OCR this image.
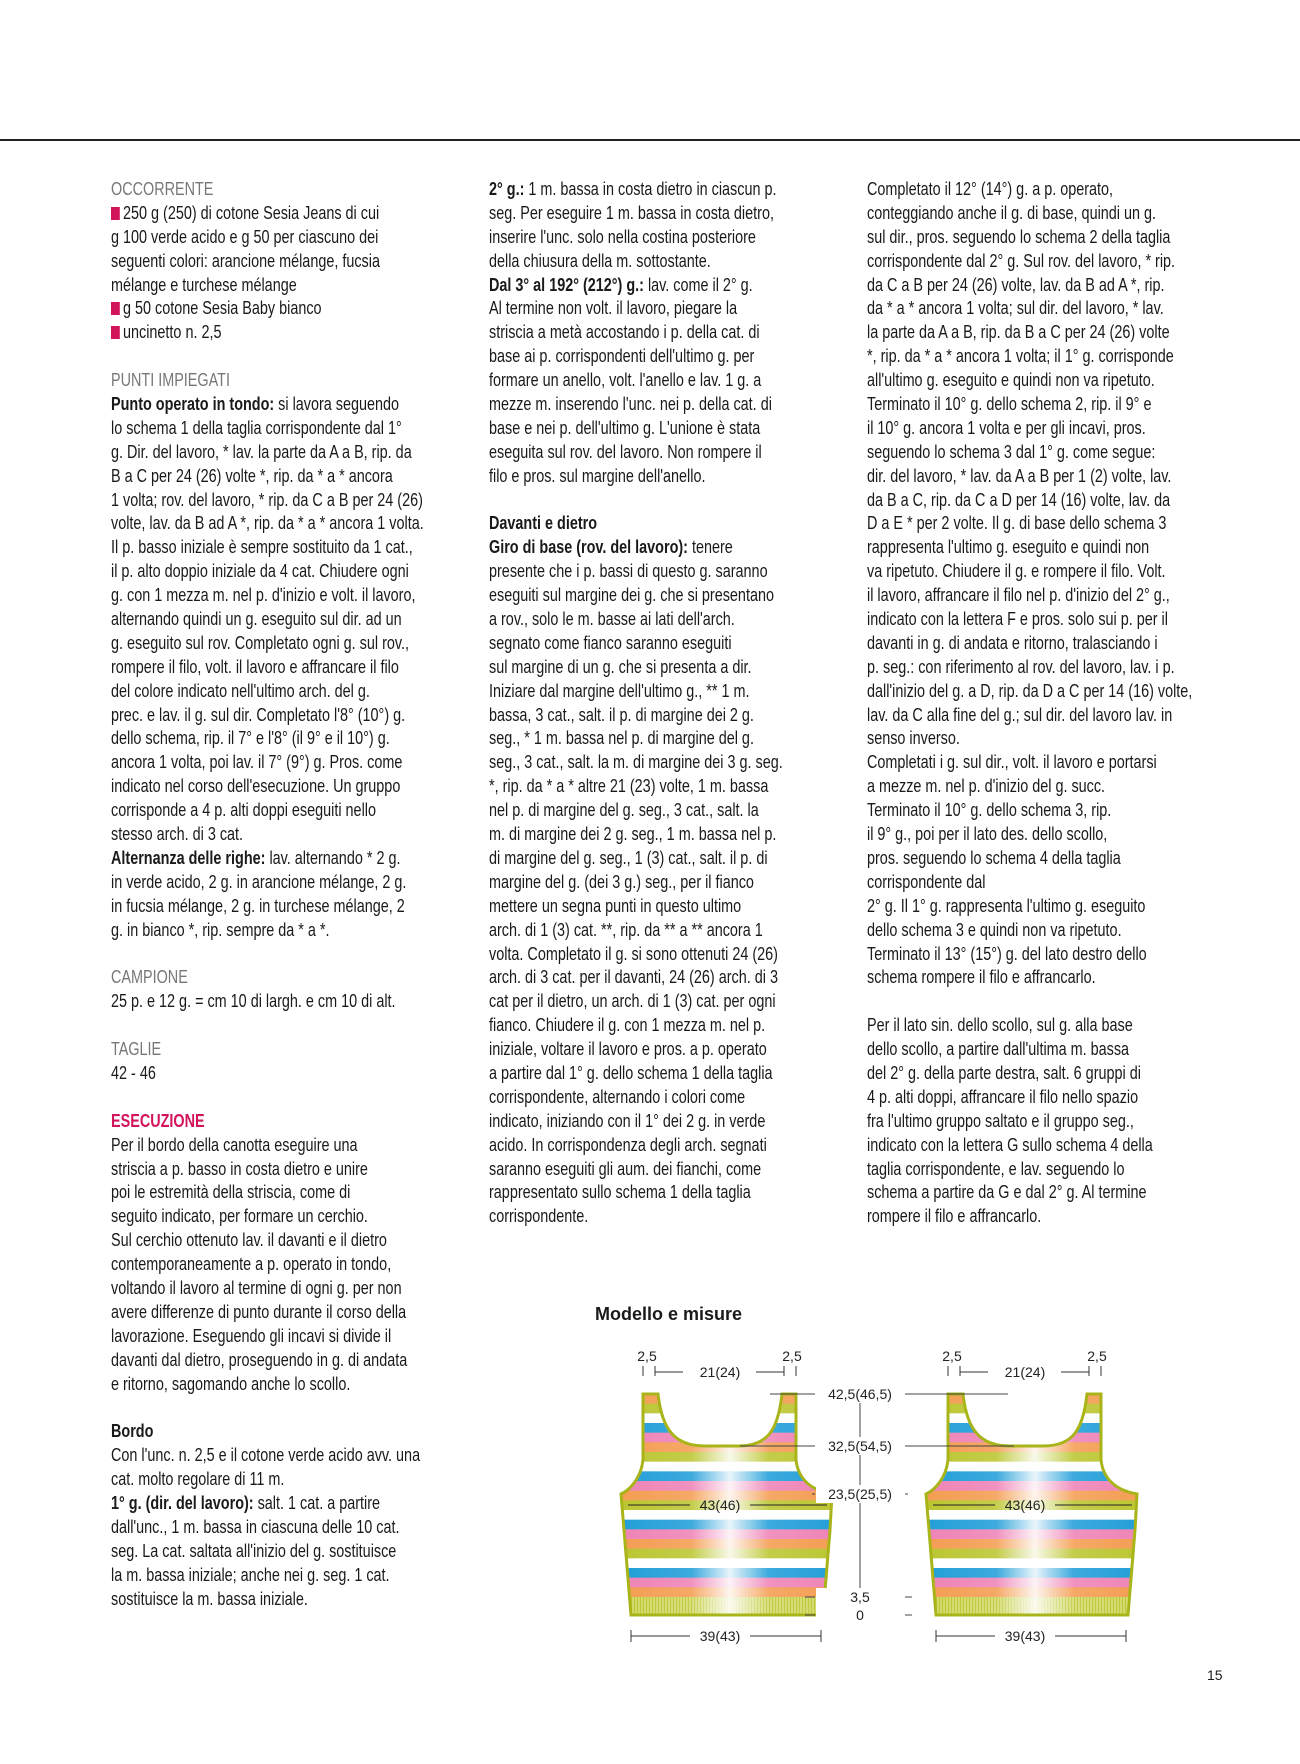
OCCORRENTE
250 g (250) di cotone Sesia Jeans di cui
g 100 verde acido e g 50 per ciascuno dei
seguenti colori: arancione mélange, fucsia
mélange e turchese mélange
g 50 cotone Sesia Baby bianco
uncinetto n. 2,5
PUNTI IMPIEGATI
Punto operato in tondo: si lavora seguendo
lo schema 1 della taglia corrispondente dal 1°
g. Dir. del lavoro, * lav. la parte da A a B, rip. da
B a C per 24 (26) volte *, rip. da * a * ancora
1 volta; rov. del lavoro, * rip. da C a B per 24 (26)
volte, lav. da B ad A *, rip. da * a * ancora 1 volta.
Il p. basso iniziale è sempre sostituito da 1 cat.,
il p. alto doppio iniziale da 4 cat. Chiudere ogni
g. con 1 mezza m. nel p. d'inizio e volt. il lavoro,
alternando quindi un g. eseguito sul dir. ad un
g. eseguito sul rov. Completato ogni g. sul rov.,
rompere il filo, volt. il lavoro e affrancare il filo
del colore indicato nell'ultimo arch. del g.
prec. e lav. il g. sul dir. Completato l'8° (10°) g.
dello schema, rip. il 7° e l'8° (il 9° e il 10°) g.
ancora 1 volta, poi lav. il 7° (9°) g. Pros. come
indicato nel corso dell'esecuzione. Un gruppo
corrisponde a 4 p. alti doppi eseguiti nello
stesso arch. di 3 cat.
Alternanza delle righe: lav. alternando * 2 g.
in verde acido, 2 g. in arancione mélange, 2 g.
in fucsia mélange, 2 g. in turchese mélange, 2
g. in bianco *, rip. sempre da * a *.
CAMPIONE
25 p. e 12 g. = cm 10 di largh. e cm 10 di alt.
TAGLIE
42 - 46
ESECUZIONE
Per il bordo della canotta eseguire una
striscia a p. basso in costa dietro e unire
poi le estremità della striscia, come di
seguito indicato, per formare un cerchio.
Sul cerchio ottenuto lav. il davanti e il dietro
contemporaneamente a p. operato in tondo,
voltando il lavoro al termine di ogni g. per non
avere differenze di punto durante il corso della
lavorazione. Eseguendo gli incavi si divide il
davanti dal dietro, proseguendo in g. di andata
e ritorno, sagomando anche lo scollo.
Bordo
Con l'unc. n. 2,5 e il cotone verde acido avv. una
cat. molto regolare di 11 m.
1° g. (dir. del lavoro): salt. 1 cat. a partire
dall'unc., 1 m. bassa in ciascuna delle 10 cat.
seg. La cat. saltata all'inizio del g. sostituisce
la m. bassa iniziale; anche nei g. seg. 1 cat.
sostituisce la m. bassa iniziale.
2° g.: 1 m. bassa in costa dietro in ciascun p.
seg. Per eseguire 1 m. bassa in costa dietro,
inserire l'unc. solo nella costina posteriore
della chiusura della m. sottostante.
Dal 3° al 192° (212°) g.: lav. come il 2° g.
Al termine non volt. il lavoro, piegare la
striscia a metà accostando i p. della cat. di
base ai p. corrispondenti dell'ultimo g. per
formare un anello, volt. l'anello e lav. 1 g. a
mezze m. inserendo l'unc. nei p. della cat. di
base e nei p. dell'ultimo g. L'unione è stata
eseguita sul rov. del lavoro. Non rompere il
filo e pros. sul margine dell'anello.
Davanti e dietro
Giro di base (rov. del lavoro): tenere
presente che i p. bassi di questo g. saranno
eseguiti sul margine dei g. che si presentano
a rov., solo le m. basse ai lati dell'arch.
segnato come fianco saranno eseguiti
sul margine di un g. che si presenta a dir.
Iniziare dal margine dell'ultimo g., ** 1 m.
bassa, 3 cat., salt. il p. di margine dei 2 g.
seg., * 1 m. bassa nel p. di margine del g.
seg., 3 cat., salt. la m. di margine dei 3 g. seg.
*, rip. da * a * altre 21 (23) volte, 1 m. bassa
nel p. di margine del g. seg., 3 cat., salt. la
m. di margine dei 2 g. seg., 1 m. bassa nel p.
di margine del g. seg., 1 (3) cat., salt. il p. di
margine del g. (dei 3 g.) seg., per il fianco
mettere un segna punti in questo ultimo
arch. di 1 (3) cat. **, rip. da ** a ** ancora 1
volta. Completato il g. si sono ottenuti 24 (26)
arch. di 3 cat. per il davanti, 24 (26) arch. di 3
cat per il dietro, un arch. di 1 (3) cat. per ogni
fianco. Chiudere il g. con 1 mezza m. nel p.
iniziale, voltare il lavoro e pros. a p. operato
a partire dal 1° g. dello schema 1 della taglia
corrispondente, alternando i colori come
indicato, iniziando con il 1° dei 2 g. in verde
acido. In corrispondenza degli arch. segnati
saranno eseguiti gli aum. dei fianchi, come
rappresentato sullo schema 1 della taglia
corrispondente.
Completato il 12° (14°) g. a p. operato,
conteggiando anche il g. di base, quindi un g.
sul dir., pros. seguendo lo schema 2 della taglia
corrispondente dal 2° g. Sul rov. del lavoro, * rip.
da C a B per 24 (26) volte, lav. da B ad A *, rip.
da * a * ancora 1 volta; sul dir. del lavoro, * lav.
la parte da A a B, rip. da B a C per 24 (26) volte
*, rip. da * a * ancora 1 volta; il 1° g. corrisponde
all'ultimo g. eseguito e quindi non va ripetuto.
Terminato il 10° g. dello schema 2, rip. il 9° e
il 10° g. ancora 1 volta e per gli incavi, pros.
seguendo lo schema 3 dal 1° g. come segue:
dir. del lavoro, * lav. da A a B per 1 (2) volte, lav.
da B a C, rip. da C a D per 14 (16) volte, lav. da
D a E * per 2 volte. Il g. di base dello schema 3
rappresenta l'ultimo g. eseguito e quindi non
va ripetuto. Chiudere il g. e rompere il filo. Volt.
il lavoro, affrancare il filo nel p. d'inizio del 2° g.,
indicato con la lettera F e pros. solo sui p. per il
davanti in g. di andata e ritorno, tralasciando i
p. seg.: con riferimento al rov. del lavoro, lav. i p.
dall'inizio del g. a D, rip. da D a C per 14 (16) volte,
lav. da C alla fine del g.; sul dir. del lavoro lav. in
senso inverso.
Completati i g. sul dir., volt. il lavoro e portarsi
a mezze m. nel p. d'inizio del g. succ.
Terminato il 10° g. dello schema 3, rip.
il 9° g., poi per il lato des. dello scollo,
pros. seguendo lo schema 4 della taglia
corrispondente dal
2° g. Il 1° g. rappresenta l'ultimo g. eseguito
dello schema 3 e quindi non va ripetuto.
Terminato il 13° (15°) g. del lato destro dello
schema rompere il filo e affrancarlo.
Per il lato sin. dello scollo, sul g. alla base
dello scollo, a partire dall'ultima m. bassa
del 2° g. della parte destra, salt. 6 gruppi di
4 p. alti doppi, affrancare il filo nello spazio
fra l'ultimo gruppo saltato e il gruppo seg.,
indicato con la lettera G sullo schema 4 della
taglia corrispondente, e lav. seguendo lo
schema a partire da G e dal 2° g. Al termine
rompere il filo e affrancarlo.
Modello e misure
2,5	2,5
21(24)
43(46)
39(43)
2,5	2,5
21(24)
43(46)
39(43)
42,5(46,5)
32,5(54,5)
23,5(25,5)
3,5
0
15
